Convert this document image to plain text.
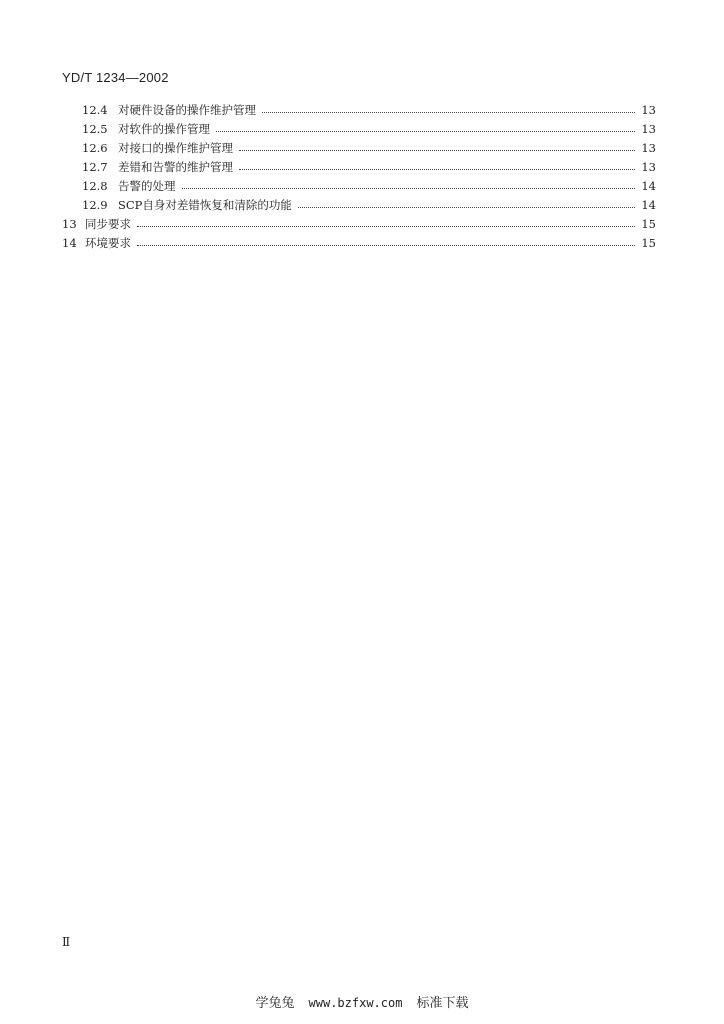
YD/T 1234—2002
12.4 对硬件设备的操作维护管理	13
12.5 对软件的操作管理	13
12.6 对接口的操作维护管理	13
12.7 差错和告警的维护管理	13
12.8 告警的处理	14
12.9 SCP自身对差错恢复和清除的功能	14
13 同步要求	15
14 环境要求	15
Ⅱ
学兔兔 www.bzfxw.com 标准下载
